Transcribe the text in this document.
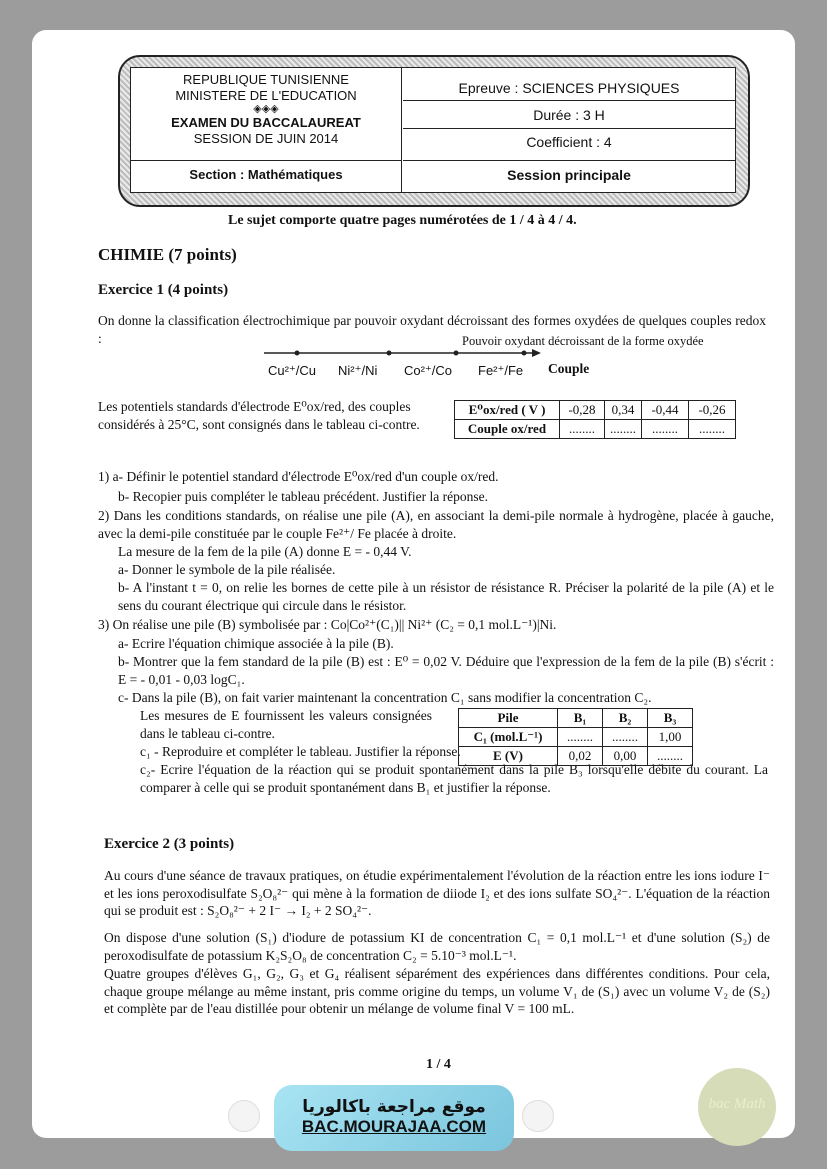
REPUBLIQUE TUNISIENNE
MINISTERE DE L'EDUCATION
◈◈◈
EXAMEN DU BACCALAUREAT
SESSION DE JUIN 2014
Section : Mathématiques
Epreuve : SCIENCES PHYSIQUES
Durée : 3 H
Coefficient : 4
Session principale
Le sujet comporte quatre pages numérotées de 1 / 4 à 4 / 4.
CHIMIE (7 points)
Exercice 1 (4 points)
On donne la classification électrochimique par pouvoir oxydant décroissant des formes oxydées de quelques couples redox :	Pouvoir oxydant décroissant de la forme oxydée
Cu²⁺/Cu Ni²⁺/Ni Co²⁺/Co Fe²⁺/Fe Couple
Les potentiels standards d'électrode E⁰ox/red, des couples considérés à 25°C, sont consignés dans le tableau ci-contre.
E⁰ox/red ( V )	-0,28	0,34	-0,44	-0,26
Couple ox/red	........	........	........	........
1) a- Définir le potentiel standard d'électrode E⁰ox/red d'un couple ox/red.
b- Recopier puis compléter le tableau précédent. Justifier la réponse.
2) Dans les conditions standards, on réalise une pile (A), en associant la demi-pile normale à hydrogène, placée à gauche, avec la demi-pile constituée par le couple Fe²⁺/ Fe placée à droite.
La mesure de la fem de la pile (A) donne E = - 0,44 V.
a- Donner le symbole de la pile réalisée.
b- A l'instant t = 0, on relie les bornes de cette pile à un résistor de résistance R. Préciser la polarité de la pile (A) et le sens du courant électrique qui circule dans le résistor.
3) On réalise une pile (B) symbolisée par : Co|Co²⁺(C₁)|| Ni²⁺ (C₂ = 0,1 mol.L⁻¹)|Ni.
a- Ecrire l'équation chimique associée à la pile (B).
b- Montrer que la fem standard de la pile (B) est : E⁰ = 0,02 V. Déduire que l'expression de la fem de la pile (B) s'écrit : E = - 0,01 - 0,03 logC₁.
c- Dans la pile (B), on fait varier maintenant la concentration C₁ sans modifier la concentration C₂.
Les mesures de E fournissent les valeurs consignées dans le tableau ci-contre.
c₁ - Reproduire et compléter le tableau. Justifier la réponse.
c₂- Ecrire l'équation de la réaction qui se produit spontanément dans la pile B₃ lorsqu'elle débite du courant. La comparer à celle qui se produit spontanément dans B₁ et justifier la réponse.
Pile	B₁	B₂	B₃
C₁ (mol.L⁻¹)	........	........	1,00
E (V)	0,02	0,00	........
Exercice 2 (3 points)
Au cours d'une séance de travaux pratiques, on étudie expérimentalement l'évolution de la réaction entre les ions iodure I⁻ et les ions peroxodisulfate S₂O₈²⁻ qui mène à la formation de diiode I₂ et des ions sulfate SO₄²⁻. L'équation de la réaction qui se produit est : S₂O₈²⁻ + 2 I⁻ → I₂ + 2 SO₄²⁻.
On dispose d'une solution (S₁) d'iodure de potassium KI de concentration C₁ = 0,1 mol.L⁻¹ et d'une solution (S₂) de peroxodisulfate de potassium K₂S₂O₈ de concentration C₂ = 5.10⁻³ mol.L⁻¹.
Quatre groupes d'élèves G₁, G₂, G₃ et G₄ réalisent séparément des expériences dans différentes conditions. Pour cela, chaque groupe mélange au même instant, pris comme origine du temps, un volume V₁ de (S₁) avec un volume V₂ de (S₂) et complète par de l'eau distillée pour obtenir un mélange de volume final V = 100 mL.
1 / 4
موقع مراجعة باكالوريا
BAC.MOURAJAA.COM
bac Math
